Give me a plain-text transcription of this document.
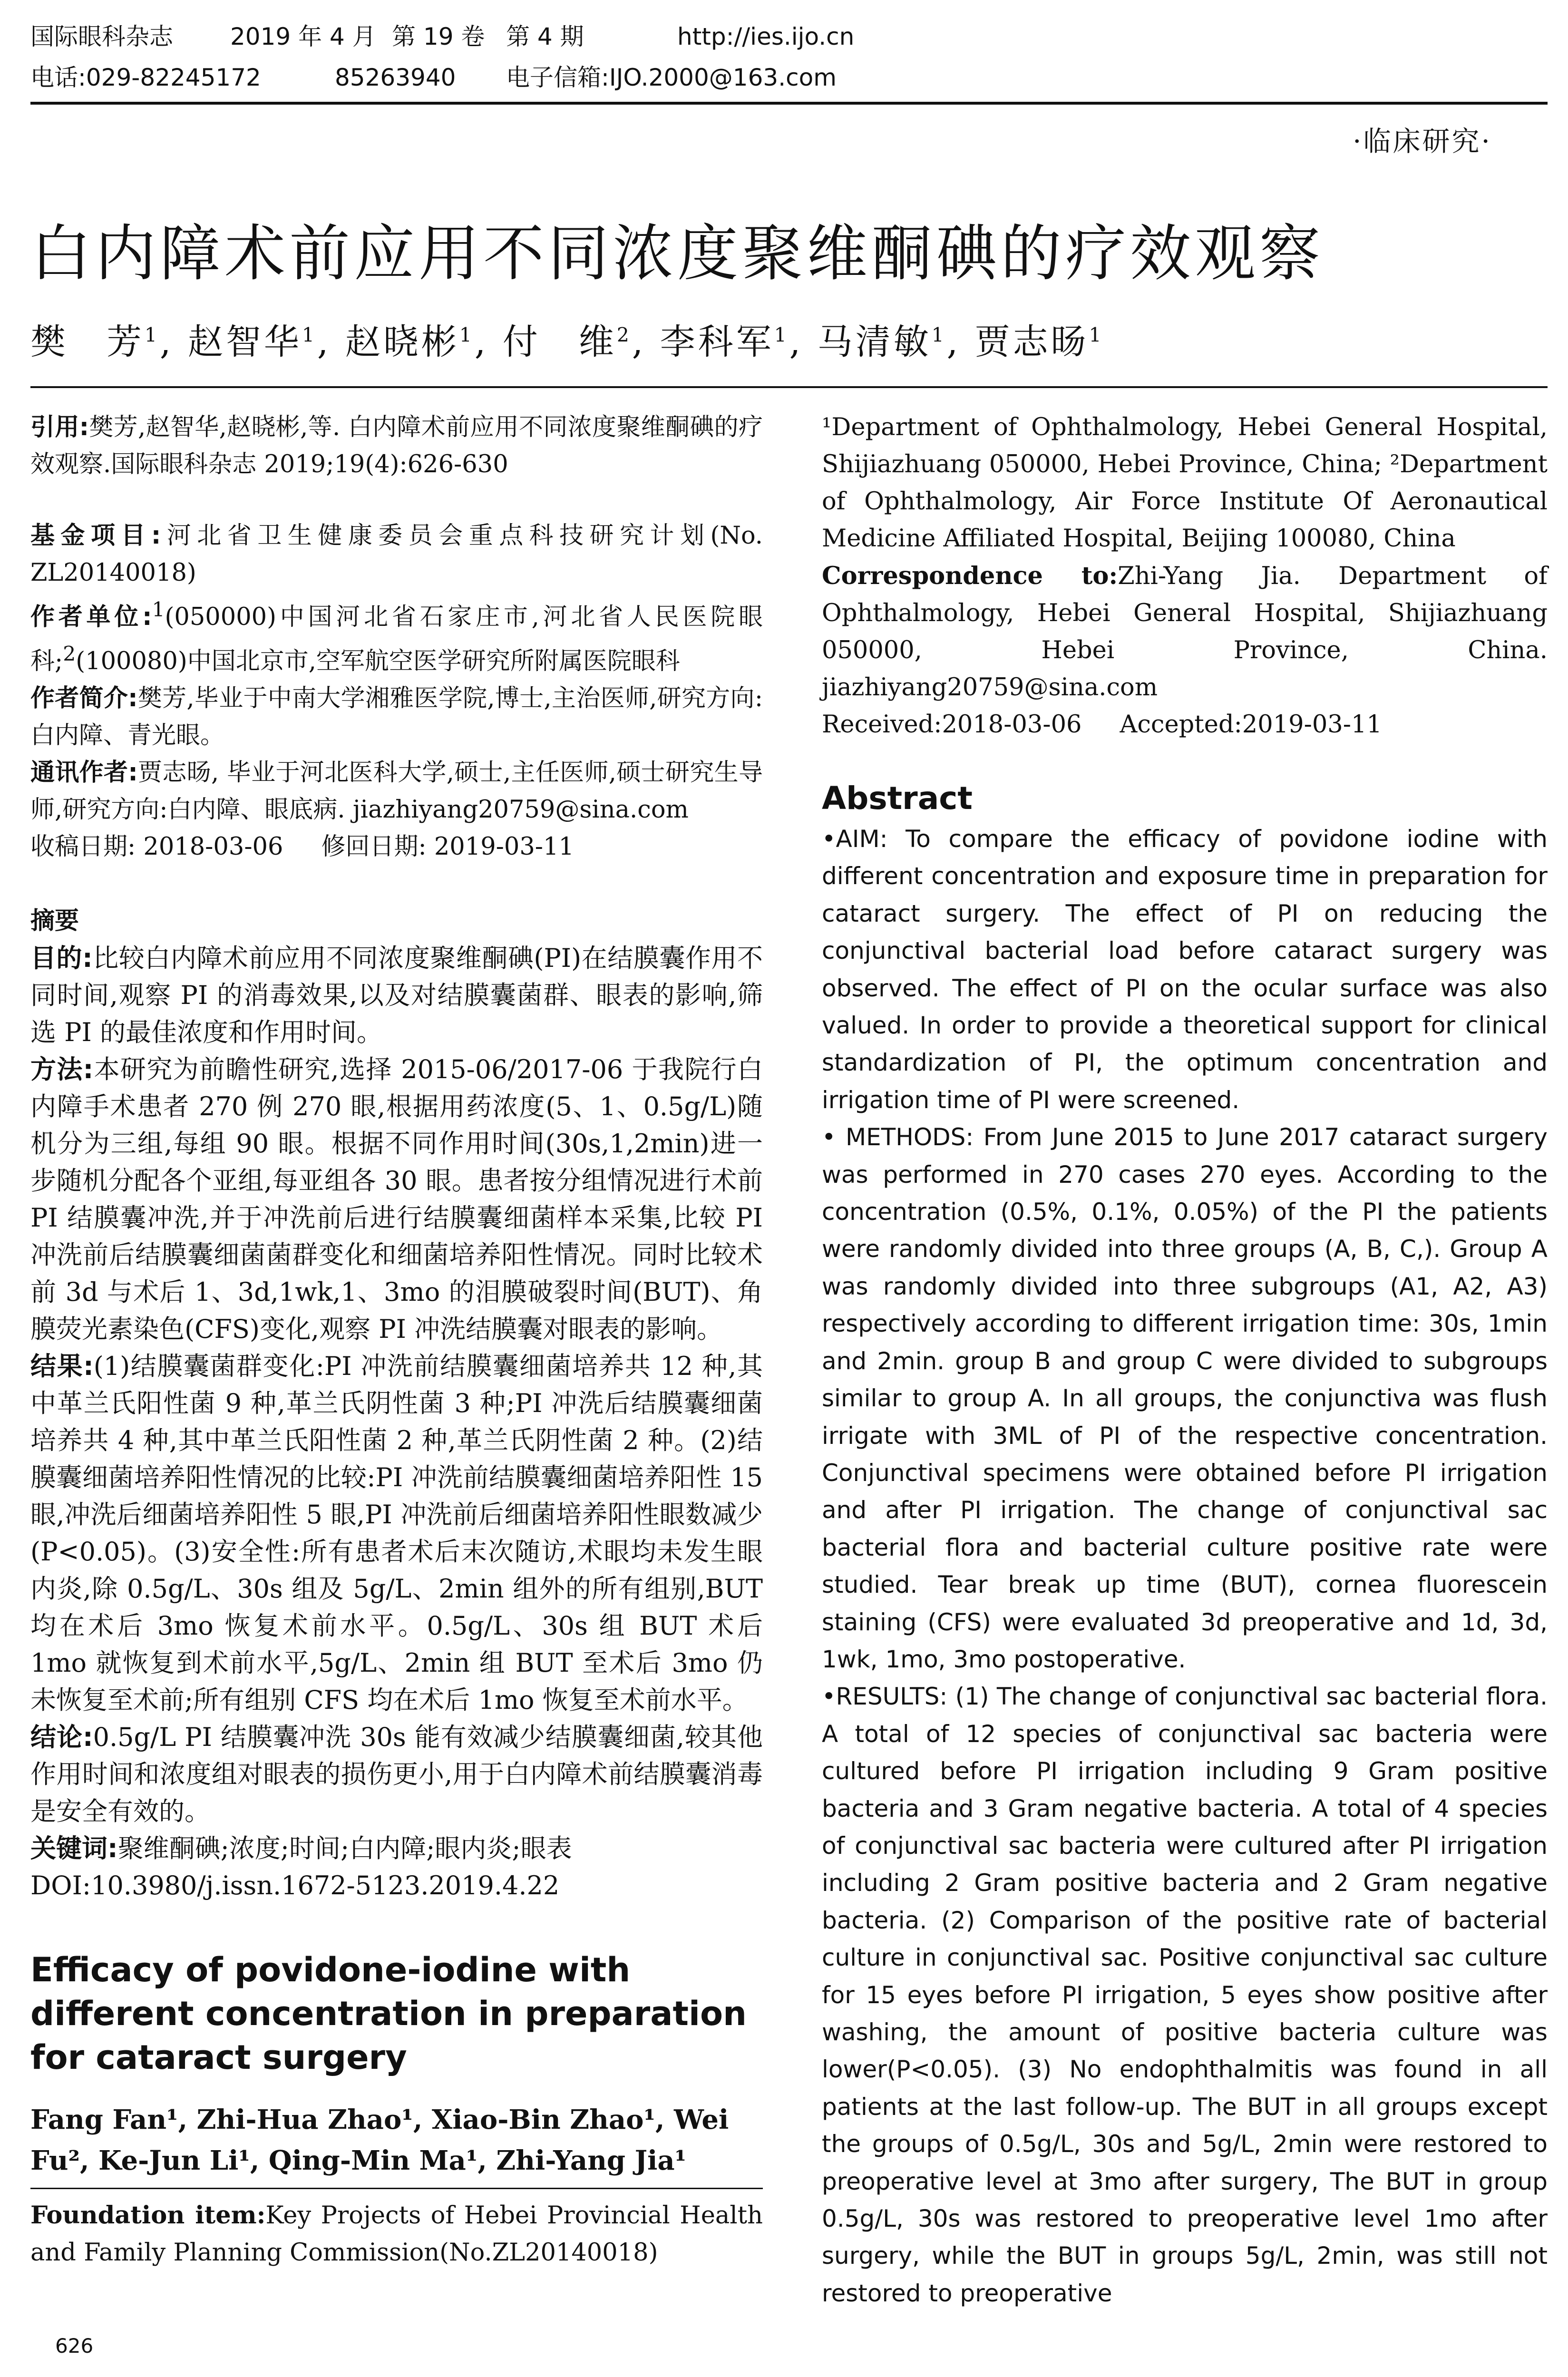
国际眼科杂志	2019 年 4 月 第 19 卷 第 4 期	http://ies.ijo.cn
电话:029-82245172	85263940	电子信箱:IJO.2000@163.com
·临床研究·
白内障术前应用不同浓度聚维酮碘的疗效观察
樊　芳$^1$, 赵智华$^1$, 赵晓彬$^1$, 付　维$^2$, 李科军$^1$, 马清敏$^1$, 贾志旸$^1$

引用:樊芳,赵智华,赵晓彬,等. 白内障术前应用不同浓度聚维酮碘的疗效观察.国际眼科杂志 2019;19(4):626-630

基金项目:河北省卫生健康委员会重点科技研究计划(No. ZL20140018)

作者单位:$^1$(050000)中国河北省石家庄市,河北省人民医院眼科;$^2$(100080)中国北京市,空军航空医学研究所附属医院眼科

作者简介:樊芳,毕业于中南大学湘雅医学院,博士,主治医师,研究方向:白内障、青光眼。

通讯作者:贾志旸, 毕业于河北医科大学,硕士,主任医师,硕士研究生导师,研究方向:白内障、眼底病. jiazhiyang20759@sina.com

收稿日期: 2018-03-06 修回日期: 2019-03-11

摘要

目的:比较白内障术前应用不同浓度聚维酮碘(PI)在结膜囊作用不同时间,观察 PI 的消毒效果,以及对结膜囊菌群、眼表的影响,筛选 PI 的最佳浓度和作用时间。

方法:本研究为前瞻性研究,选择 2015-06/2017-06 于我院行白内障手术患者 270 例 270 眼,根据用药浓度(5、1、0.5g/L)随机分为三组,每组 90 眼。根据不同作用时间(30s,1,2min)进一步随机分配各个亚组,每亚组各 30 眼。患者按分组情况进行术前 PI 结膜囊冲洗,并于冲洗前后进行结膜囊细菌样本采集,比较 PI 冲洗前后结膜囊细菌菌群变化和细菌培养阳性情况。同时比较术前 3d 与术后 1、3d,1wk,1、3mo 的泪膜破裂时间(BUT)、角膜荧光素染色(CFS)变化,观察 PI 冲洗结膜囊对眼表的影响。

结果:(1)结膜囊菌群变化:PI 冲洗前结膜囊细菌培养共 12 种,其中革兰氏阳性菌 9 种,革兰氏阴性菌 3 种;PI 冲洗后结膜囊细菌培养共 4 种,其中革兰氏阳性菌 2 种,革兰氏阴性菌 2 种。(2)结膜囊细菌培养阳性情况的比较:PI 冲洗前结膜囊细菌培养阳性 15 眼,冲洗后细菌培养阳性 5 眼,PI 冲洗前后细菌培养阳性眼数减少(P<0.05)。(3)安全性:所有患者术后末次随访,术眼均未发生眼内炎,除 0.5g/L、30s 组及 5g/L、2min 组外的所有组别,BUT 均在术后 3mo 恢复术前水平。0.5g/L、30s 组 BUT 术后 1mo 就恢复到术前水平,5g/L、2min 组 BUT 至术后 3mo 仍未恢复至术前;所有组别 CFS 均在术后 1mo 恢复至术前水平。

结论:0.5g/L PI 结膜囊冲洗 30s 能有效减少结膜囊细菌,较其他作用时间和浓度组对眼表的损伤更小,用于白内障术前结膜囊消毒是安全有效的。

关键词:聚维酮碘;浓度;时间;白内障;眼内炎;眼表

DOI:10.3980/j.issn.1672-5123.2019.4.22

Efficacy of povidone-iodine with different concentration in preparation for cataract surgery

Fang Fan¹, Zhi-Hua Zhao¹, Xiao-Bin Zhao¹, Wei Fu², Ke-Jun Li¹, Qing-Min Ma¹, Zhi-Yang Jia¹

Foundation item:Key Projects of Hebei Provincial Health and Family Planning Commission(No.ZL20140018)

¹Department of Ophthalmology, Hebei General Hospital, Shijiazhuang 050000, Hebei Province, China; ²Department of Ophthalmology, Air Force Institute Of Aeronautical Medicine Affiliated Hospital, Beijing 100080, China

Correspondence to:Zhi-Yang Jia. Department of Ophthalmology, Hebei General Hospital, Shijiazhuang 050000, Hebei Province, China. jiazhiyang20759@sina.com

Received:2018-03-06 Accepted:2019-03-11

Abstract

•AIM: To compare the efficacy of povidone iodine with different concentration and exposure time in preparation for cataract surgery. The effect of PI on reducing the conjunctival bacterial load before cataract surgery was observed. The effect of PI on the ocular surface was also valued. In order to provide a theoretical support for clinical standardization of PI, the optimum concentration and irrigation time of PI were screened.

• METHODS: From June 2015 to June 2017 cataract surgery was performed in 270 cases 270 eyes. According to the concentration (0.5%, 0.1%, 0.05%) of the PI the patients were randomly divided into three groups (A, B, C,). Group A was randomly divided into three subgroups (A1, A2, A3) respectively according to different irrigation time: 30s, 1min and 2min. group B and group C were divided to subgroups similar to group A. In all groups, the conjunctiva was flush irrigate with 3ML of PI of the respective concentration. Conjunctival specimens were obtained before PI irrigation and after PI irrigation. The change of conjunctival sac bacterial flora and bacterial culture positive rate were studied. Tear break up time (BUT), cornea fluorescein staining (CFS) were evaluated 3d preoperative and 1d, 3d, 1wk, 1mo, 3mo postoperative.

•RESULTS: (1) The change of conjunctival sac bacterial flora. A total of 12 species of conjunctival sac bacteria were cultured before PI irrigation including 9 Gram positive bacteria and 3 Gram negative bacteria. A total of 4 species of conjunctival sac bacteria were cultured after PI irrigation including 2 Gram positive bacteria and 2 Gram negative bacteria. (2) Comparison of the positive rate of bacterial culture in conjunctival sac. Positive conjunctival sac culture for 15 eyes before PI irrigation, 5 eyes show positive after washing, the amount of positive bacteria culture was lower(P<0.05). (3) No endophthalmitis was found in all patients at the last follow-up. The BUT in all groups except the groups of 0.5g/L, 30s and 5g/L, 2min were restored to preoperative level at 3mo after surgery, The BUT in group 0.5g/L, 30s was restored to preoperative level 1mo after surgery, while the BUT in groups 5g/L, 2min, was still not restored to preoperative

626
